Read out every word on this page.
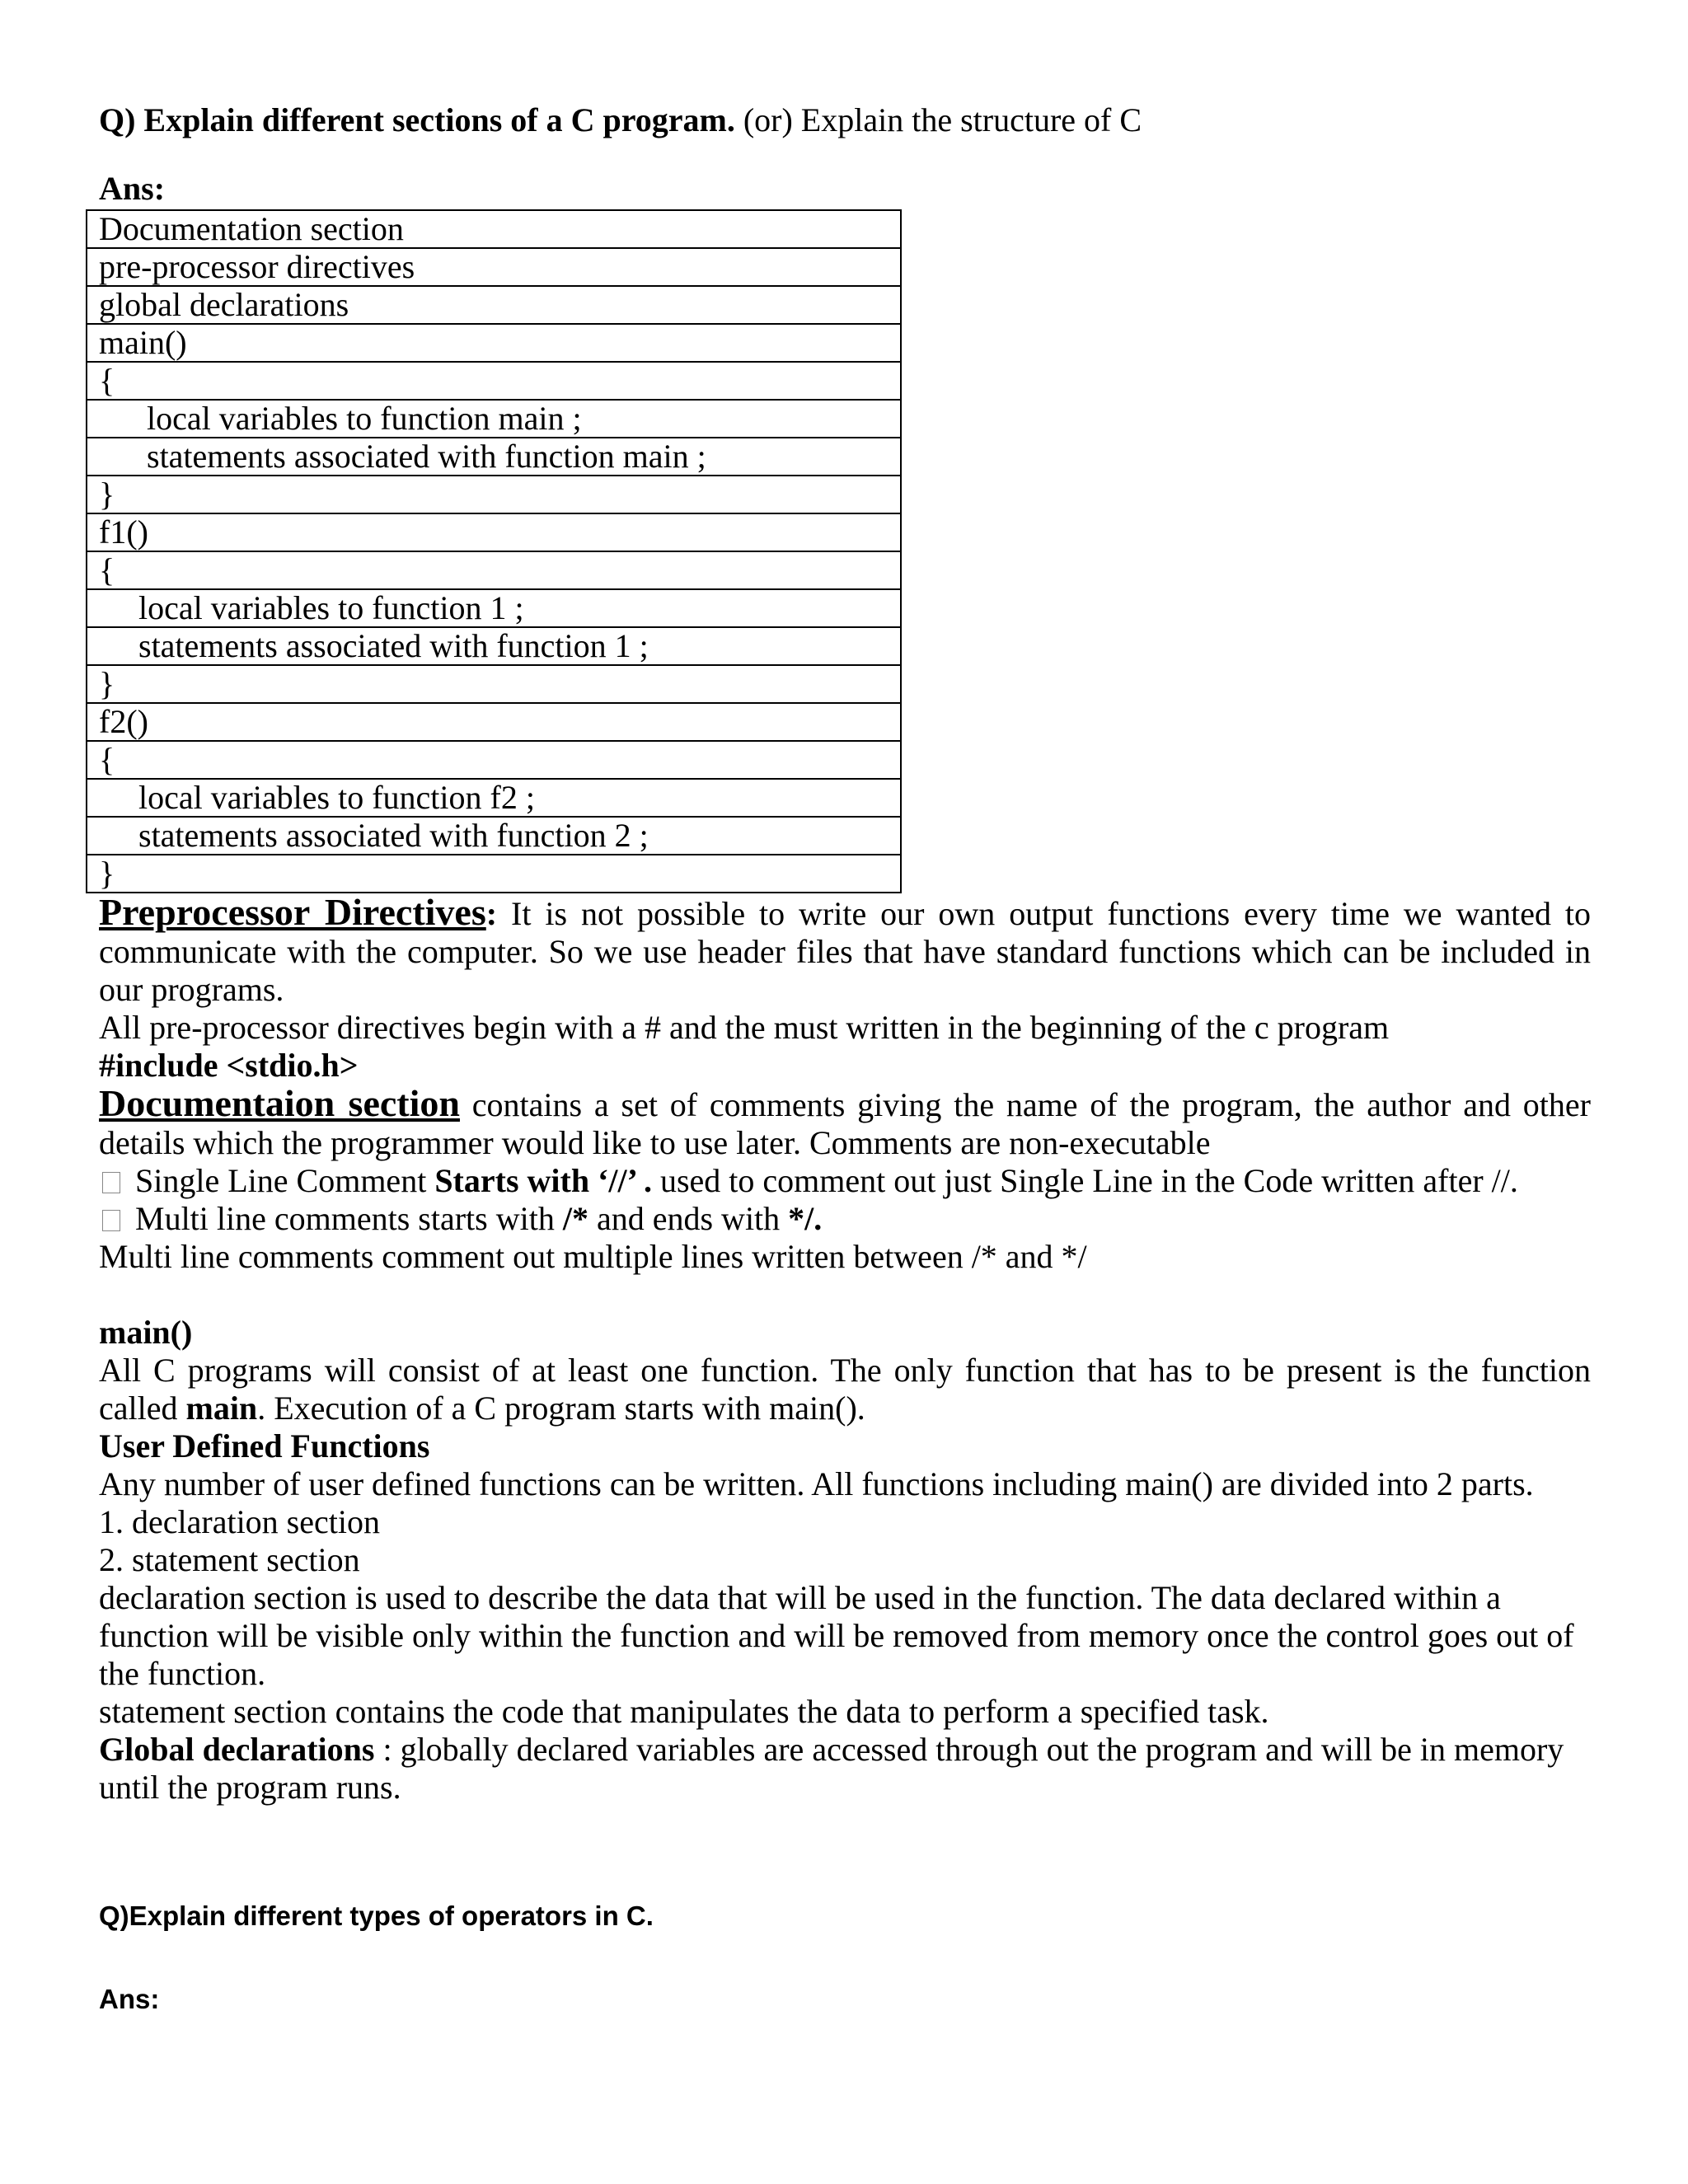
Q) Explain different sections of a C program. (or) Explain the structure of C

Ans:
Documentation section
pre-processor directives
global declarations
main()
{
local variables to function main ;
statements associated with function main ;
}
f1()
{
local variables to function 1 ;
statements associated with function 1 ;
}
f2()
{
local variables to function f2 ;
statements associated with function 2 ;
}

Preprocessor Directives: It is not possible to write our own output functions every time we wanted to communicate with the computer. So we use header files that have standard functions which can be included in our programs.

All pre-processor directives begin with a # and the must written in the beginning of the c program

#include <stdio.h>

Documentaion section contains a set of comments giving the name of the program, the author and other details which the programmer would like to use later. Comments are non-executable

Single Line Comment Starts with ‘//’ . used to comment out just Single Line in the Code written after //.

Multi line comments starts with /* and ends with */.

Multi line comments comment out multiple lines written between /* and */

main()

All C programs will consist of at least one function. The only function that has to be present is the function called main. Execution of a C program starts with main().

User Defined Functions

Any number of user defined functions can be written. All functions including main() are divided into 2 parts.

1. declaration section

2. statement section

declaration section is used to describe the data that will be used in the function. The data declared within a function will be visible only within the function and will be removed from memory once the control goes out of the function.

statement section contains the code that manipulates the data to perform a specified task.

Global declarations : globally declared variables are accessed through out the program and will be in memory until the program runs.

Q)Explain different types of operators in C.
Ans:
